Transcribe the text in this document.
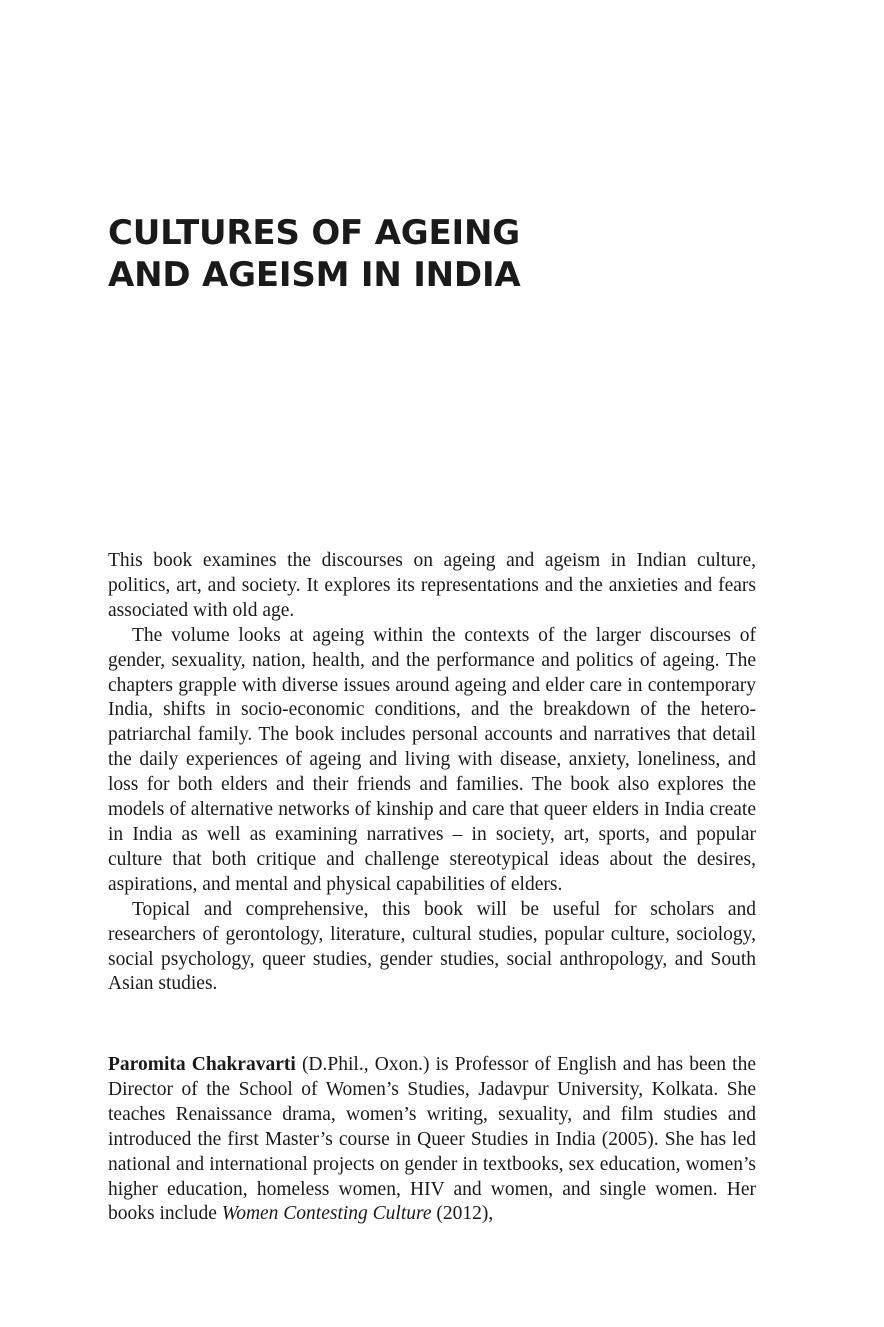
CULTURES OF AGEING
AND AGEISM IN INDIA

This book examines the discourses on ageing and ageism in Indian culture, politics, art, and society. It explores its representations and the anxieties and fears associated with old age.

The volume looks at ageing within the contexts of the larger discourses of gender, sexuality, nation, health, and the performance and politics of ageing. The chapters grapple with diverse issues around ageing and elder care in contemporary India, shifts in socio-economic conditions, and the breakdown of the hetero-patriarchal family. The book includes personal accounts and narratives that detail the daily experiences of ageing and living with disease, anxiety, loneliness, and loss for both elders and their friends and families. The book also explores the models of alternative networks of kinship and care that queer elders in India create in India as well as examining narratives – in society, art, sports, and popular culture that both critique and challenge stereotypical ideas about the desires, aspirations, and mental and physical capabilities of elders.

Topical and comprehensive, this book will be useful for scholars and researchers of gerontology, literature, cultural studies, popular culture, sociology, social psychology, queer studies, gender studies, social anthropology, and South Asian studies.

Paromita Chakravarti (D.Phil., Oxon.) is Professor of English and has been the Director of the School of Women’s Studies, Jadavpur University, Kolkata. She teaches Renaissance drama, women’s writing, sexuality, and film studies and introduced the first Master’s course in Queer Studies in India (2005). She has led national and international projects on gender in textbooks, sex education, women’s higher education, homeless women, HIV and women, and single women. Her books include Women Contesting Culture (2012),
